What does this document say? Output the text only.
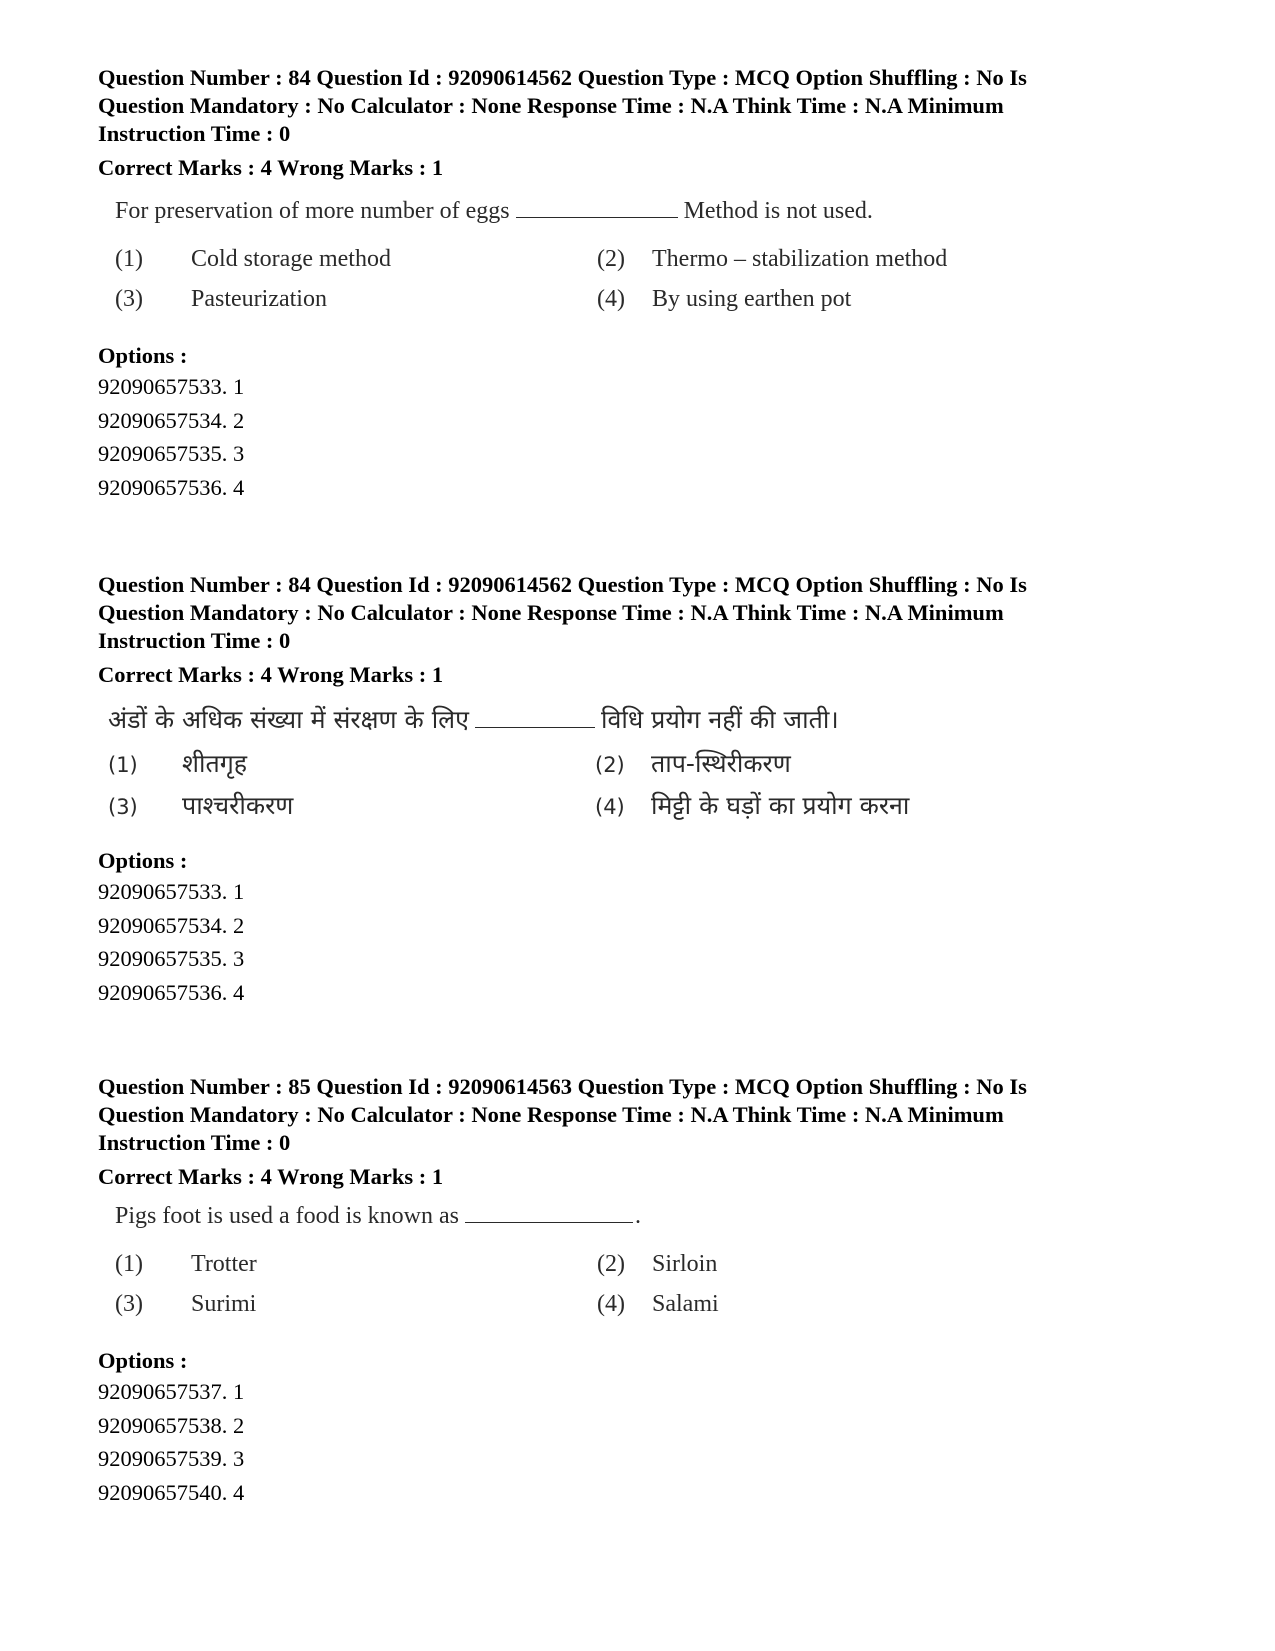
Question Number : 84 Question Id : 92090614562 Question Type : MCQ Option Shuffling : No Is

Question Mandatory : No Calculator : None Response Time : N.A Think Time : N.A Minimum

Instruction Time : 0

Correct Marks : 4 Wrong Marks : 1
For preservation of more number of eggs	Method is not used.
(1) Cold storage method	(2) Thermo – stabilization method
(3) Pasteurization	(4) By using earthen pot
Options :
92090657533. 1
92090657534. 2
92090657535. 3
92090657536. 4

Question Number : 84 Question Id : 92090614562 Question Type : MCQ Option Shuffling : No Is

Question Mandatory : No Calculator : None Response Time : N.A Think Time : N.A Minimum

Instruction Time : 0

Correct Marks : 4 Wrong Marks : 1
अंडों के अधिक संख्या में संरक्षण के लिए	विधि प्रयोग नहीं की जाती।
(1) शीतगृह	(2) ताप-स्थिरीकरण
(3) पाश्चरीकरण	(4) मिट्टी के घड़ों का प्रयोग करना
Options :
92090657533. 1
92090657534. 2
92090657535. 3
92090657536. 4

Question Number : 85 Question Id : 92090614563 Question Type : MCQ Option Shuffling : No Is

Question Mandatory : No Calculator : None Response Time : N.A Think Time : N.A Minimum

Instruction Time : 0

Correct Marks : 4 Wrong Marks : 1
Pigs foot is used a food is known as	.
(1) Trotter	(2) Sirloin
(3) Surimi	(4) Salami
Options :
92090657537. 1
92090657538. 2
92090657539. 3
92090657540. 4
